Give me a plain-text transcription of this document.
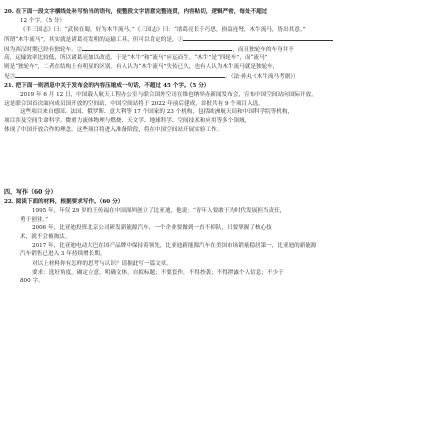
20. 在下面一段文字横线处补写恰当的语句，使整段文字语意完整连贯，内容贴切，逻辑严密，每处不超过
12 个字。（5 分）
《半三国志》曰：“武侯在蜀，好为木牛流马。”《三国志》曰：“诸葛亮长于巧思，损益连弩，木牛流马，皆出其意。”
所谓“木牛流马”，其实就是诸葛亮发明的运输工具，但可以肯定的是，①
因为西汉时期已经有独轮车，②	，而且独轮车的车身并不
高，运输效率比较低，所以诸葛亮加以改造，于是“木牛”和“流马”应运而生。“木牛”是“四轮车”，而“流马”
则是“独轮车”，二者在结构上有明显的区别。有人认为“木牛流马”失传已久，也有人认为木牛流马就是独轮车，
见③	。（法·孙丸·《木牛流马考据》）
21. 把下面一则消息中关于发布会的内容压缩成一句话，不超过 45 个字。（5 分）
2019 年 6 月 12 日，中国载人航天工程办公室与联合国外空司在维也纳举办新闻发布会，宣布中国空间站向国际开放，
这是联合国首次面向成员国开放的空间站，中国空间站将于 2022 年前后建成，首批共有 9 个项目入选。
这些项目来自德国、法国、俄罗斯、意大利等 17 个国家的 23 个机构，包括欧洲航天局和中国科学院等机构，
项目涉及空间生命科学、微重力流体物理与燃烧、天文学、地球科学、空间技术和应用等多个领域，
体现了中国开放合作的理念。这些项目将进入准备阶段，将在中国空间站开展实验工作。
四、写作（60 分）
22. 阅读下面的材料，根据要求写作。（60 分）
1995 年，年仅 29 岁的王传福在中国深圳创立了比亚迪，他说：“青年人要敢于为时代发展担当责任，
勇于创业。”
2006 年，比亚迪投资北京公司研发新能源汽车，一个企业要做到一直不掉队，只要掌握了核心技
术，就不会被淘汰。
2017 年，比亚迪电动大巴在国产品牌中保持着领先，比亚迪新能源汽车在美国市场销量稳居第一，比亚迪的新能源
汽车销售已进入 3 年持续增长期。
对以上材料你有怎样的思考与认识？请据此写一篇文章。
要求：选好角度，确定立意，明确文体，自拟标题；不要套作，不得抄袭；不得泄露个人信息；不少于
800 字。
